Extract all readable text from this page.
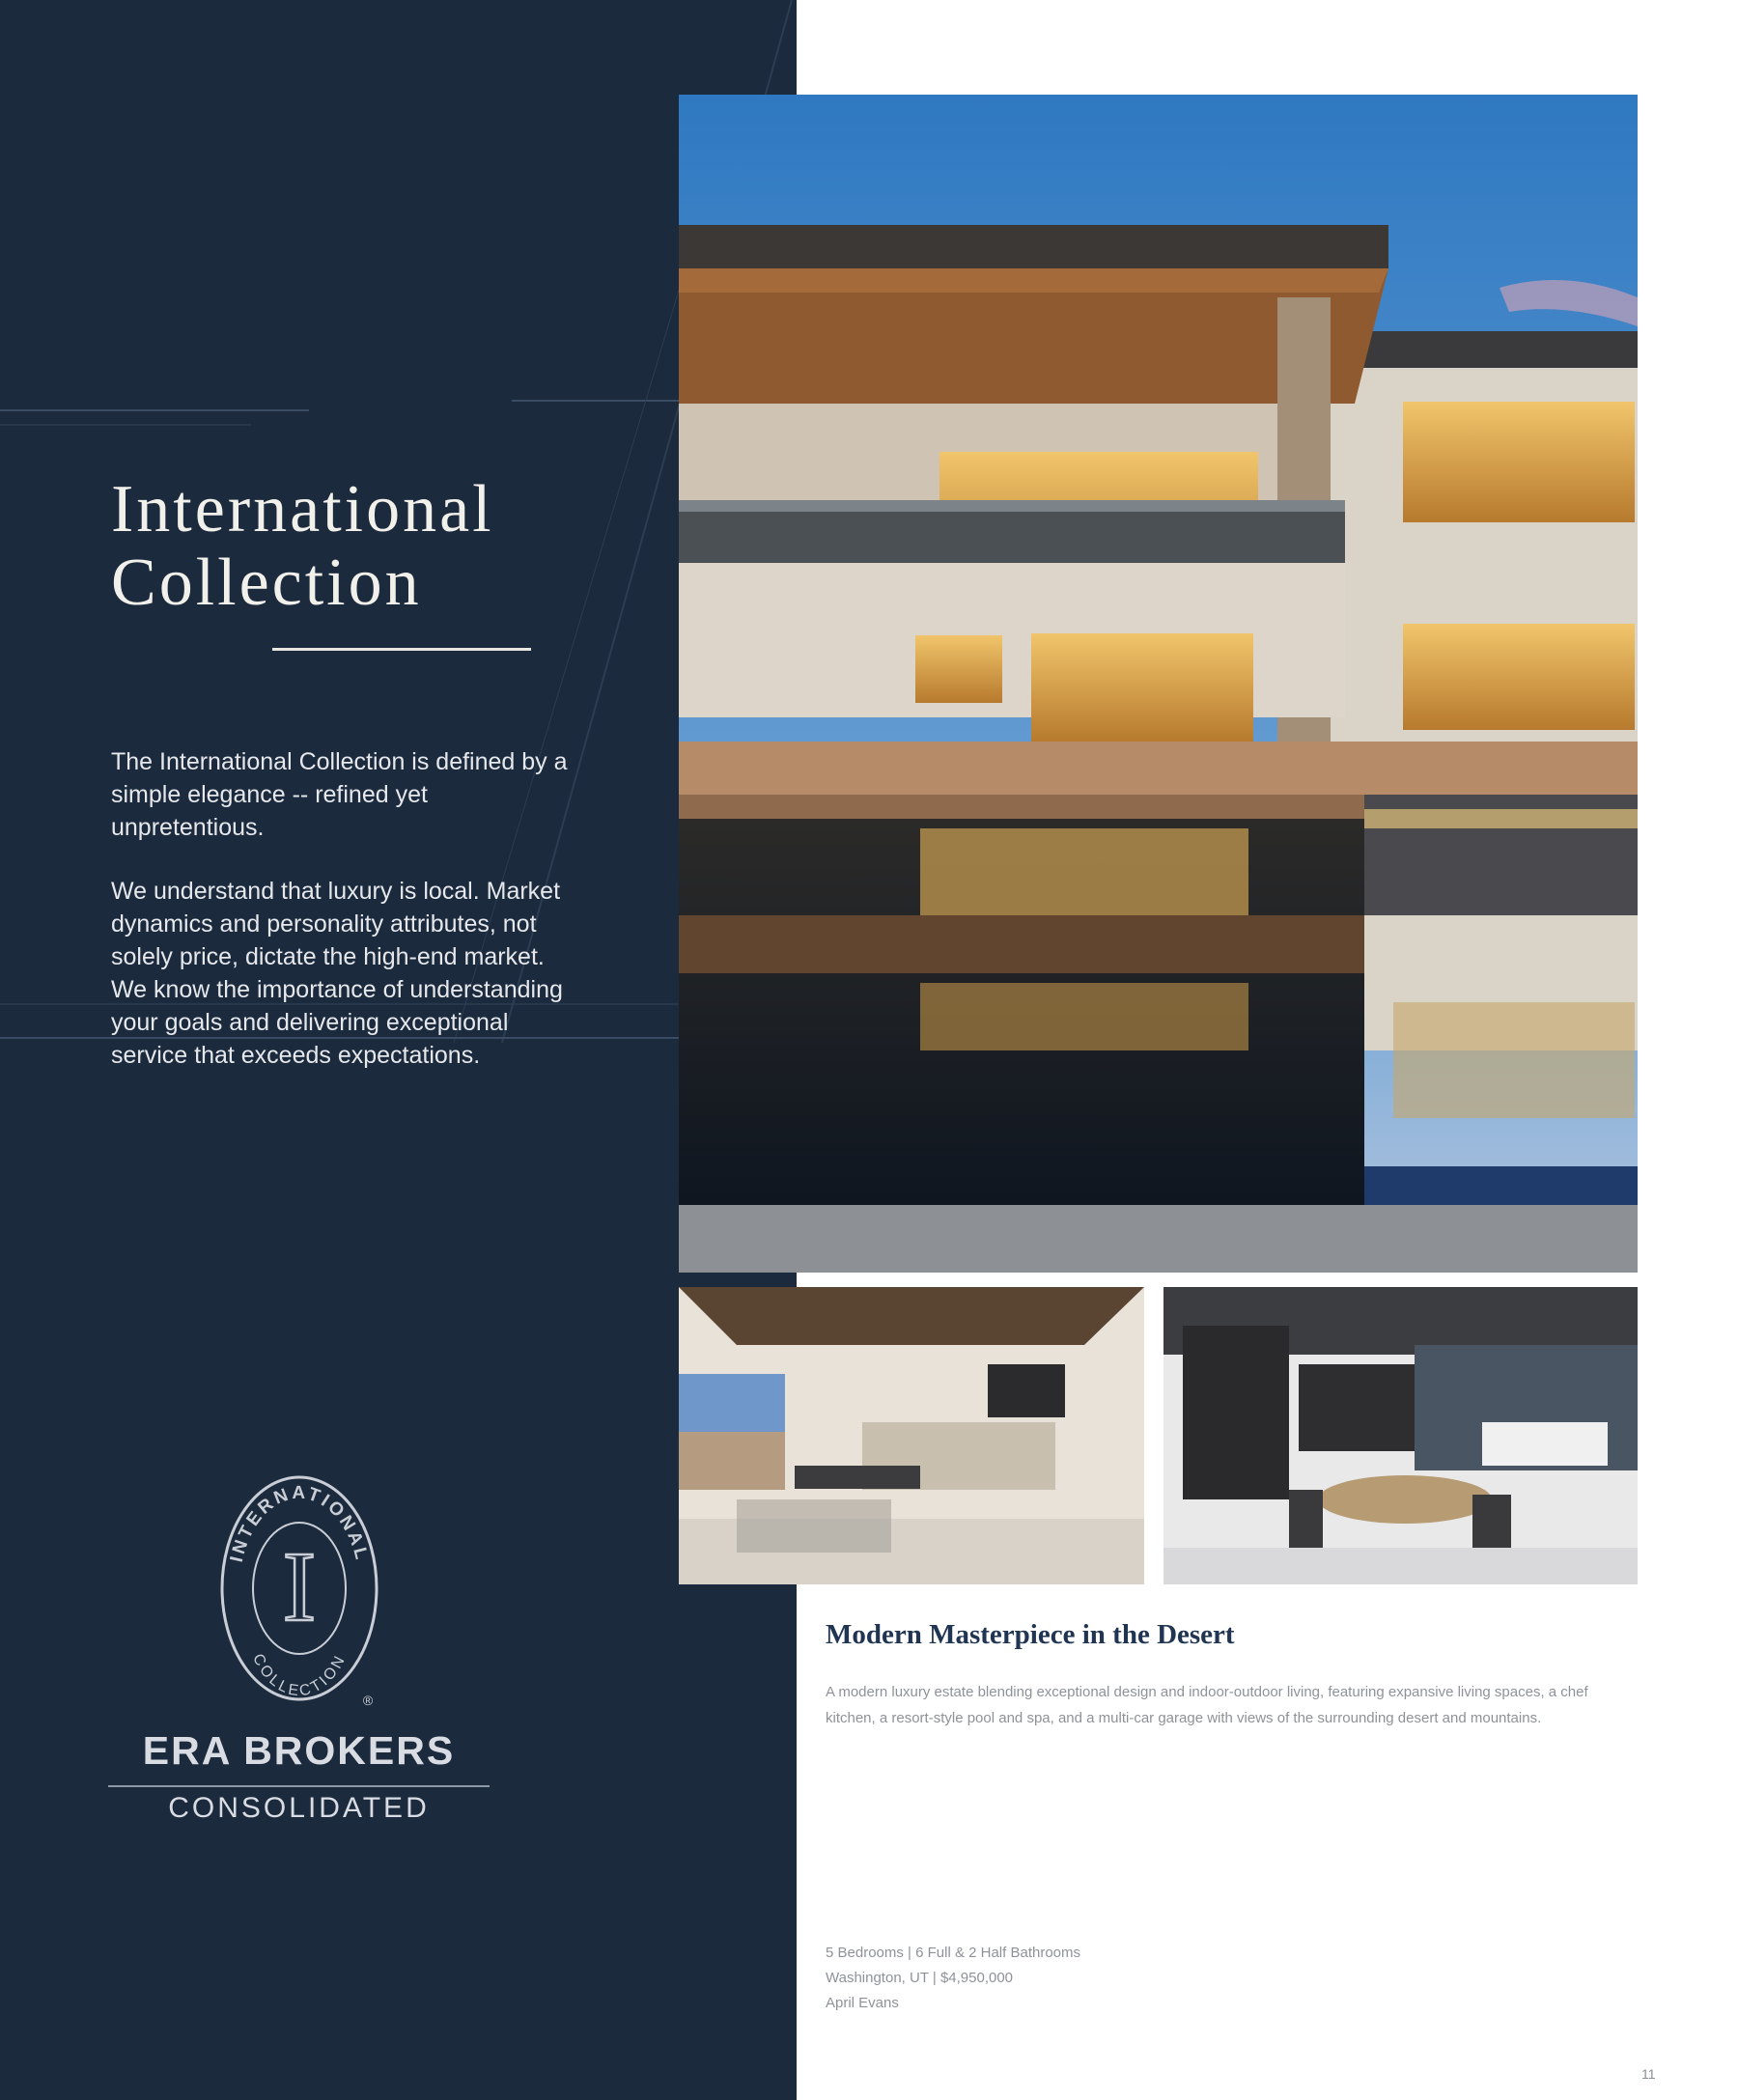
International
Collection

The International Collection is defined by a simple elegance -- refined yet unpretentious.

We understand that luxury is local. Market dynamics and personality attributes, not solely price, dictate the high-end market. We know the importance of understanding your goals and delivering exceptional service that exceeds expectations.

INTERNATIONAL
COLLECTION
I
®
ERA BROKERS
CONSOLIDATED
Modern Masterpiece in the Desert
A modern luxury estate blending exceptional design and indoor-outdoor living, featuring expansive living spaces, a chef kitchen, a resort-style pool and spa, and a multi-car garage with views of the surrounding desert and mountains.
5 Bedrooms | 6 Full & 2 Half Bathrooms
Washington, UT | $4,950,000
April Evans
11
